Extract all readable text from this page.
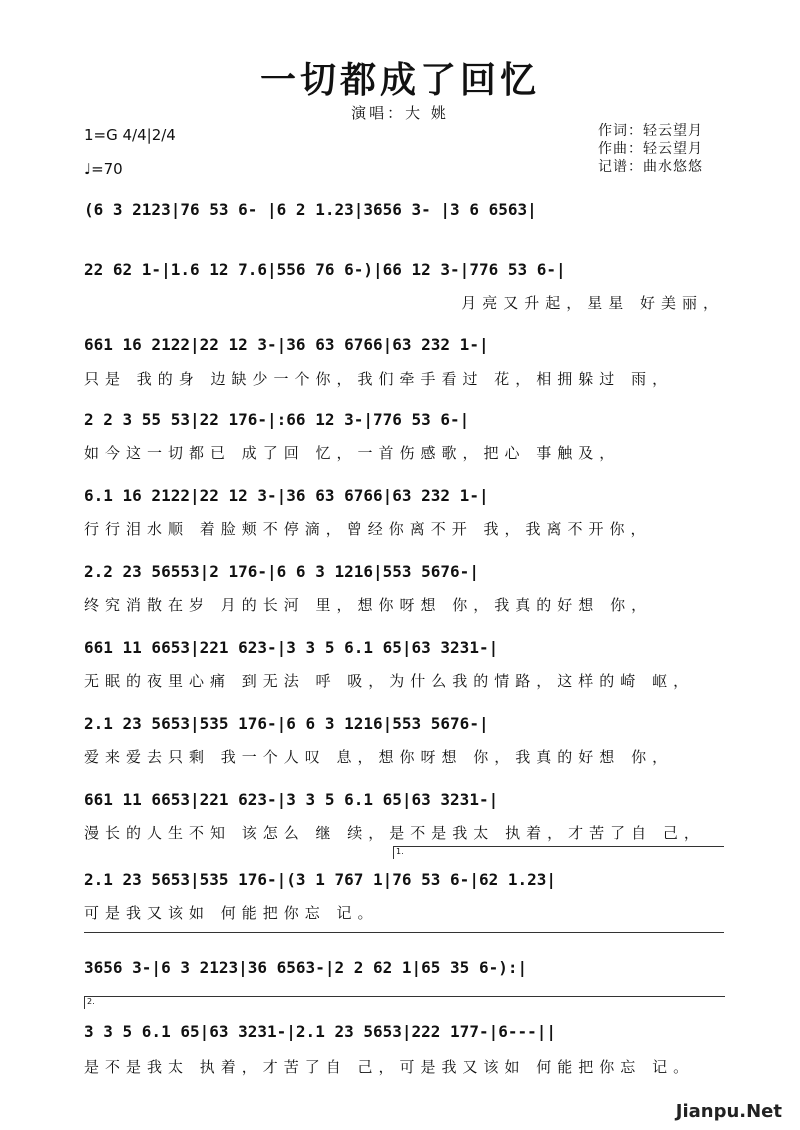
一切都成了回忆
演唱：大 姚
1=G 4/4|2/4
♩=70
作词：轻云望月
作曲：轻云望月
记谱：曲水悠悠
(6 3 2123|76 53 6- |6 2 1.23|3656 3- |3 6 6563|
22 62 1-|1.6 12 7.6|556 76 6-)|66 12 3-|776 53 6-|
月亮又升起，星星 好美丽，
661 16 2122|22 12 3-|36 63 6766|63 232 1-|
只是 我的身 边缺少一个你，我们牵手看过 花，相拥躲过 雨，
2 2 3 55 53|22 176-|:66 12 3-|776 53 6-|
如今这一切都已 成了回 忆，一首伤感歌，把心 事触及，
6.1 16 2122|22 12 3-|36 63 6766|63 232 1-|
行行泪水顺 着脸颊不停滴，曾经你离不开 我，我离不开你，
2.2 23 56553|2 176-|6 6 3 1216|553 5676-|
终究消散在岁 月的长河 里，想你呀想 你，我真的好想 你，
661 11 6653|221 623-|3 3 5 6.1 65|63 3231-|
无眠的夜里心痛 到无法 呼 吸，为什么我的情路，这样的崎 岖，
2.1 23 5653|535 176-|6 6 3 1216|553 5676-|
爱来爱去只剩 我一个人叹 息，想你呀想 你，我真的好想 你，
661 11 6653|221 623-|3 3 5 6.1 65|63 3231-|
漫长的人生不知 该怎么 继 续，是不是我太 执着，才苦了自 己，
1.
2.1 23 5653|535 176-|(3 1 767 1|76 53 6-|62 1.23|
可是我又该如 何能把你忘 记。
3656 3-|6 3 2123|36 6563-|2 2 62 1|65 35 6-):|
2.
3 3 5 6.1 65|63 3231-|2.1 23 5653|222 177-|6---||
是不是我太 执着，才苦了自 己，可是我又该如 何能把你忘 记。
Jianpu.Net
